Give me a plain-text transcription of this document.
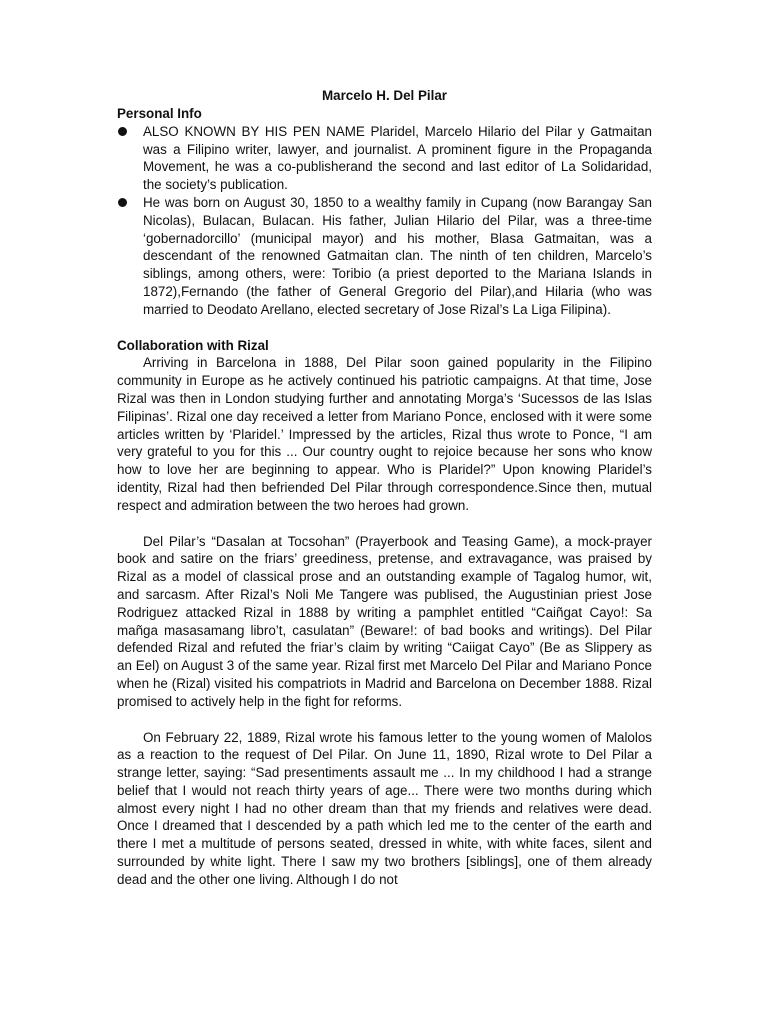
Marcelo H. Del Pilar

Personal Info

ALSO KNOWN BY HIS PEN NAME Plaridel, Marcelo Hilario del Pilar y Gatmaitan was a Filipino writer, lawyer, and journalist. A prominent figure in the Propaganda Movement, he was a co-publisherand the second and last editor of La Solidaridad, the society’s publication.
He was born on August 30, 1850 to a wealthy family in Cupang (now Barangay San Nicolas), Bulacan, Bulacan. His father, Julian Hilario del Pilar, was a three-time ‘gobernadorcillo’ (municipal mayor) and his mother, Blasa Gatmaitan, was a descendant of the renowned Gatmaitan clan. The ninth of ten children, Marcelo’s siblings, among others, were: Toribio (a priest deported to the Mariana Islands in 1872),Fernando (the father of General Gregorio del Pilar),and Hilaria (who was married to Deodato Arellano, elected secretary of Jose Rizal’s La Liga Filipina).

Collaboration with Rizal

Arriving in Barcelona in 1888, Del Pilar soon gained popularity in the Filipino community in Europe as he actively continued his patriotic campaigns. At that time, Jose Rizal was then in London studying further and annotating Morga’s ‘Sucessos de las Islas Filipinas’. Rizal one day received a letter from Mariano Ponce, enclosed with it were some articles written by ‘Plaridel.’ Impressed by the articles, Rizal thus wrote to Ponce, “I am very grateful to you for this ... Our country ought to rejoice because her sons who know how to love her are beginning to appear. Who is Plaridel?” Upon knowing Plaridel’s identity, Rizal had then befriended Del Pilar through correspondence.Since then, mutual respect and admiration between the two heroes had grown.

Del Pilar’s “Dasalan at Tocsohan” (Prayerbook and Teasing Game), a mock-prayer book and satire on the friars’ greediness, pretense, and extravagance, was praised by Rizal as a model of classical prose and an outstanding example of Tagalog humor, wit, and sarcasm. After Rizal’s Noli Me Tangere was publised, the Augustinian priest Jose Rodriguez attacked Rizal in 1888 by writing a pamphlet entitled “Caiñgat Cayo!: Sa mañga masasamang libro’t, casulatan” (Beware!: of bad books and writings). Del Pilar defended Rizal and refuted the friar’s claim by writing “Caiigat Cayo” (Be as Slippery as an Eel) on August 3 of the same year. Rizal first met Marcelo Del Pilar and Mariano Ponce when he (Rizal) visited his compatriots in Madrid and Barcelona on December 1888. Rizal promised to actively help in the fight for reforms.

On February 22, 1889, Rizal wrote his famous letter to the young women of Malolos as a reaction to the request of Del Pilar. On June 11, 1890, Rizal wrote to Del Pilar a strange letter, saying: “Sad presentiments assault me ... In my childhood I had a strange belief that I would not reach thirty years of age... There were two months during which almost every night I had no other dream than that my friends and relatives were dead. Once I dreamed that I descended by a path which led me to the center of the earth and there I met a multitude of persons seated, dressed in white, with white faces, silent and surrounded by white light. There I saw my two brothers [siblings], one of them already dead and the other one living. Although I do not
